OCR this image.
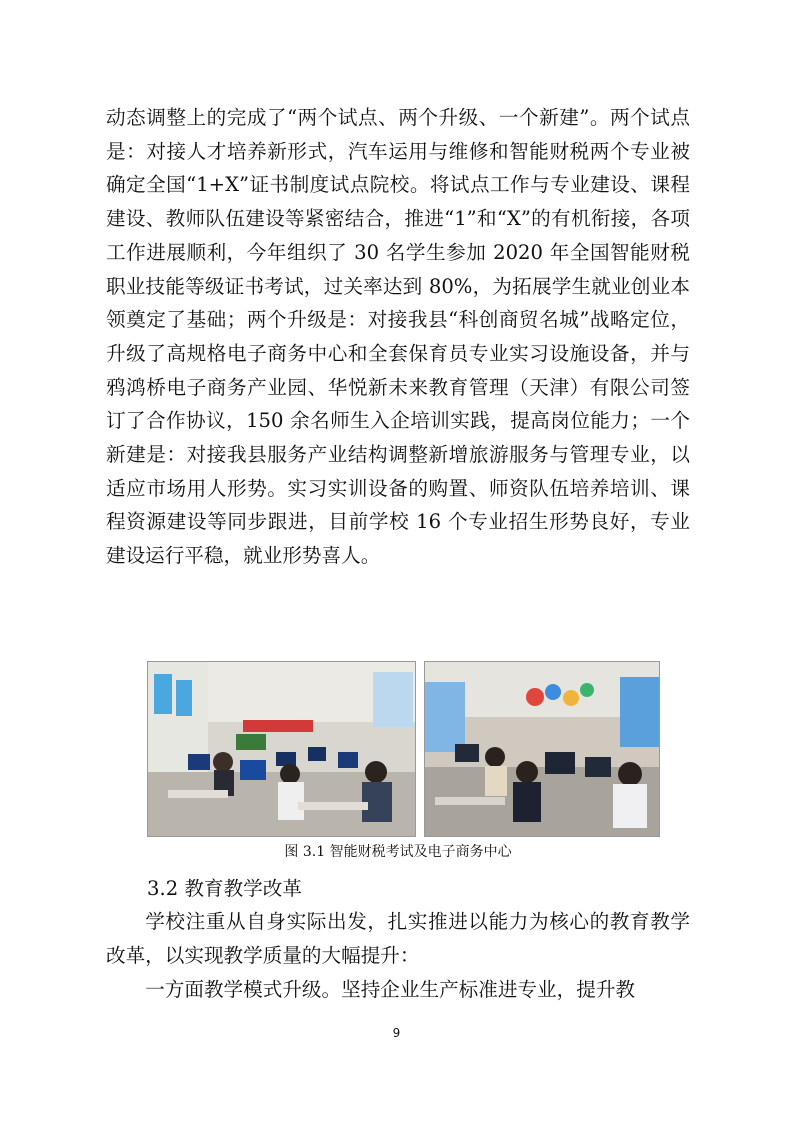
动态调整上的完成了“两个试点、两个升级、一个新建”。两个试点是：对接人才培养新形式，汽车运用与维修和智能财税两个专业被确定全国“1+X”证书制度试点院校。将试点工作与专业建设、课程建设、教师队伍建设等紧密结合，推进“1”和“X”的有机衔接，各项工作进展顺利，今年组织了 30 名学生参加 2020 年全国智能财税职业技能等级证书考试，过关率达到 80%，为拓展学生就业创业本领奠定了基础；两个升级是：对接我县“科创商贸名城”战略定位，升级了高规格电子商务中心和全套保育员专业实习设施设备，并与鸦鸿桥电子商务产业园、华悦新未来教育管理（天津）有限公司签订了合作协议，150 余名师生入企培训实践，提高岗位能力；一个新建是：对接我县服务产业结构调整新增旅游服务与管理专业，以适应市场用人形势。实习实训设备的购置、师资队伍培养培训、课程资源建设等同步跟进，目前学校 16 个专业招生形势良好，专业建设运行平稳，就业形势喜人。

图 3.1 智能财税考试及电子商务中心
3.2 教育教学改革

学校注重从自身实际出发，扎实推进以能力为核心的教育教学改革，以实现教学质量的大幅提升：

一方面教学模式升级。坚持企业生产标准进专业，提升教

9
